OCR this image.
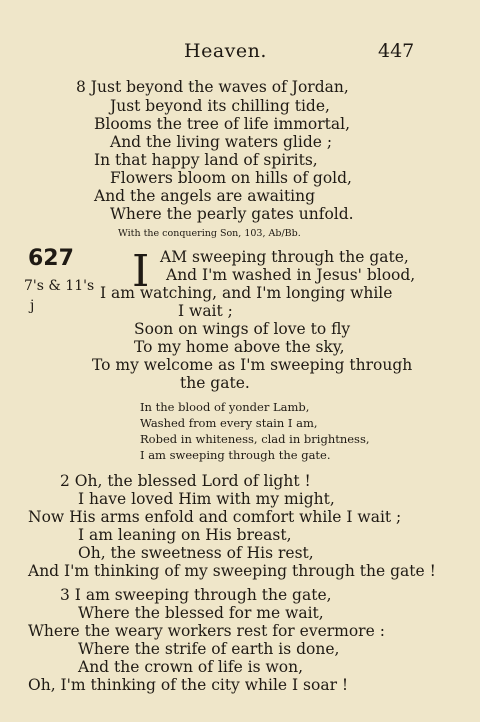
Heaven.	447
8 Just beyond the waves of Jordan,
Just beyond its chilling tide,
Blooms the tree of life immortal,
And the living waters glide ;
In that happy land of spirits,
Flowers bloom on hills of gold,
And the angels are awaiting
Where the pearly gates unfold.
With the conquering Son, 103, Ab/Bb.
627
7's & 11's
j
I AM sweeping through the gate,
And I'm washed in Jesus' blood,
I am watching, and I'm longing while
I wait ;
Soon on wings of love to fly
To my home above the sky,
To my welcome as I'm sweeping through
the gate.
In the blood of yonder Lamb,
Washed from every stain I am,
Robed in whiteness, clad in brightness,
I am sweeping through the gate.
2 Oh, the blessed Lord of light !
I have loved Him with my might,
Now His arms enfold and comfort while I wait ;
I am leaning on His breast,
Oh, the sweetness of His rest,
And I'm thinking of my sweeping through the gate !
3 I am sweeping through the gate,
Where the blessed for me wait,
Where the weary workers rest for evermore :
Where the strife of earth is done,
And the crown of life is won,
Oh, I'm thinking of the city while I soar !
